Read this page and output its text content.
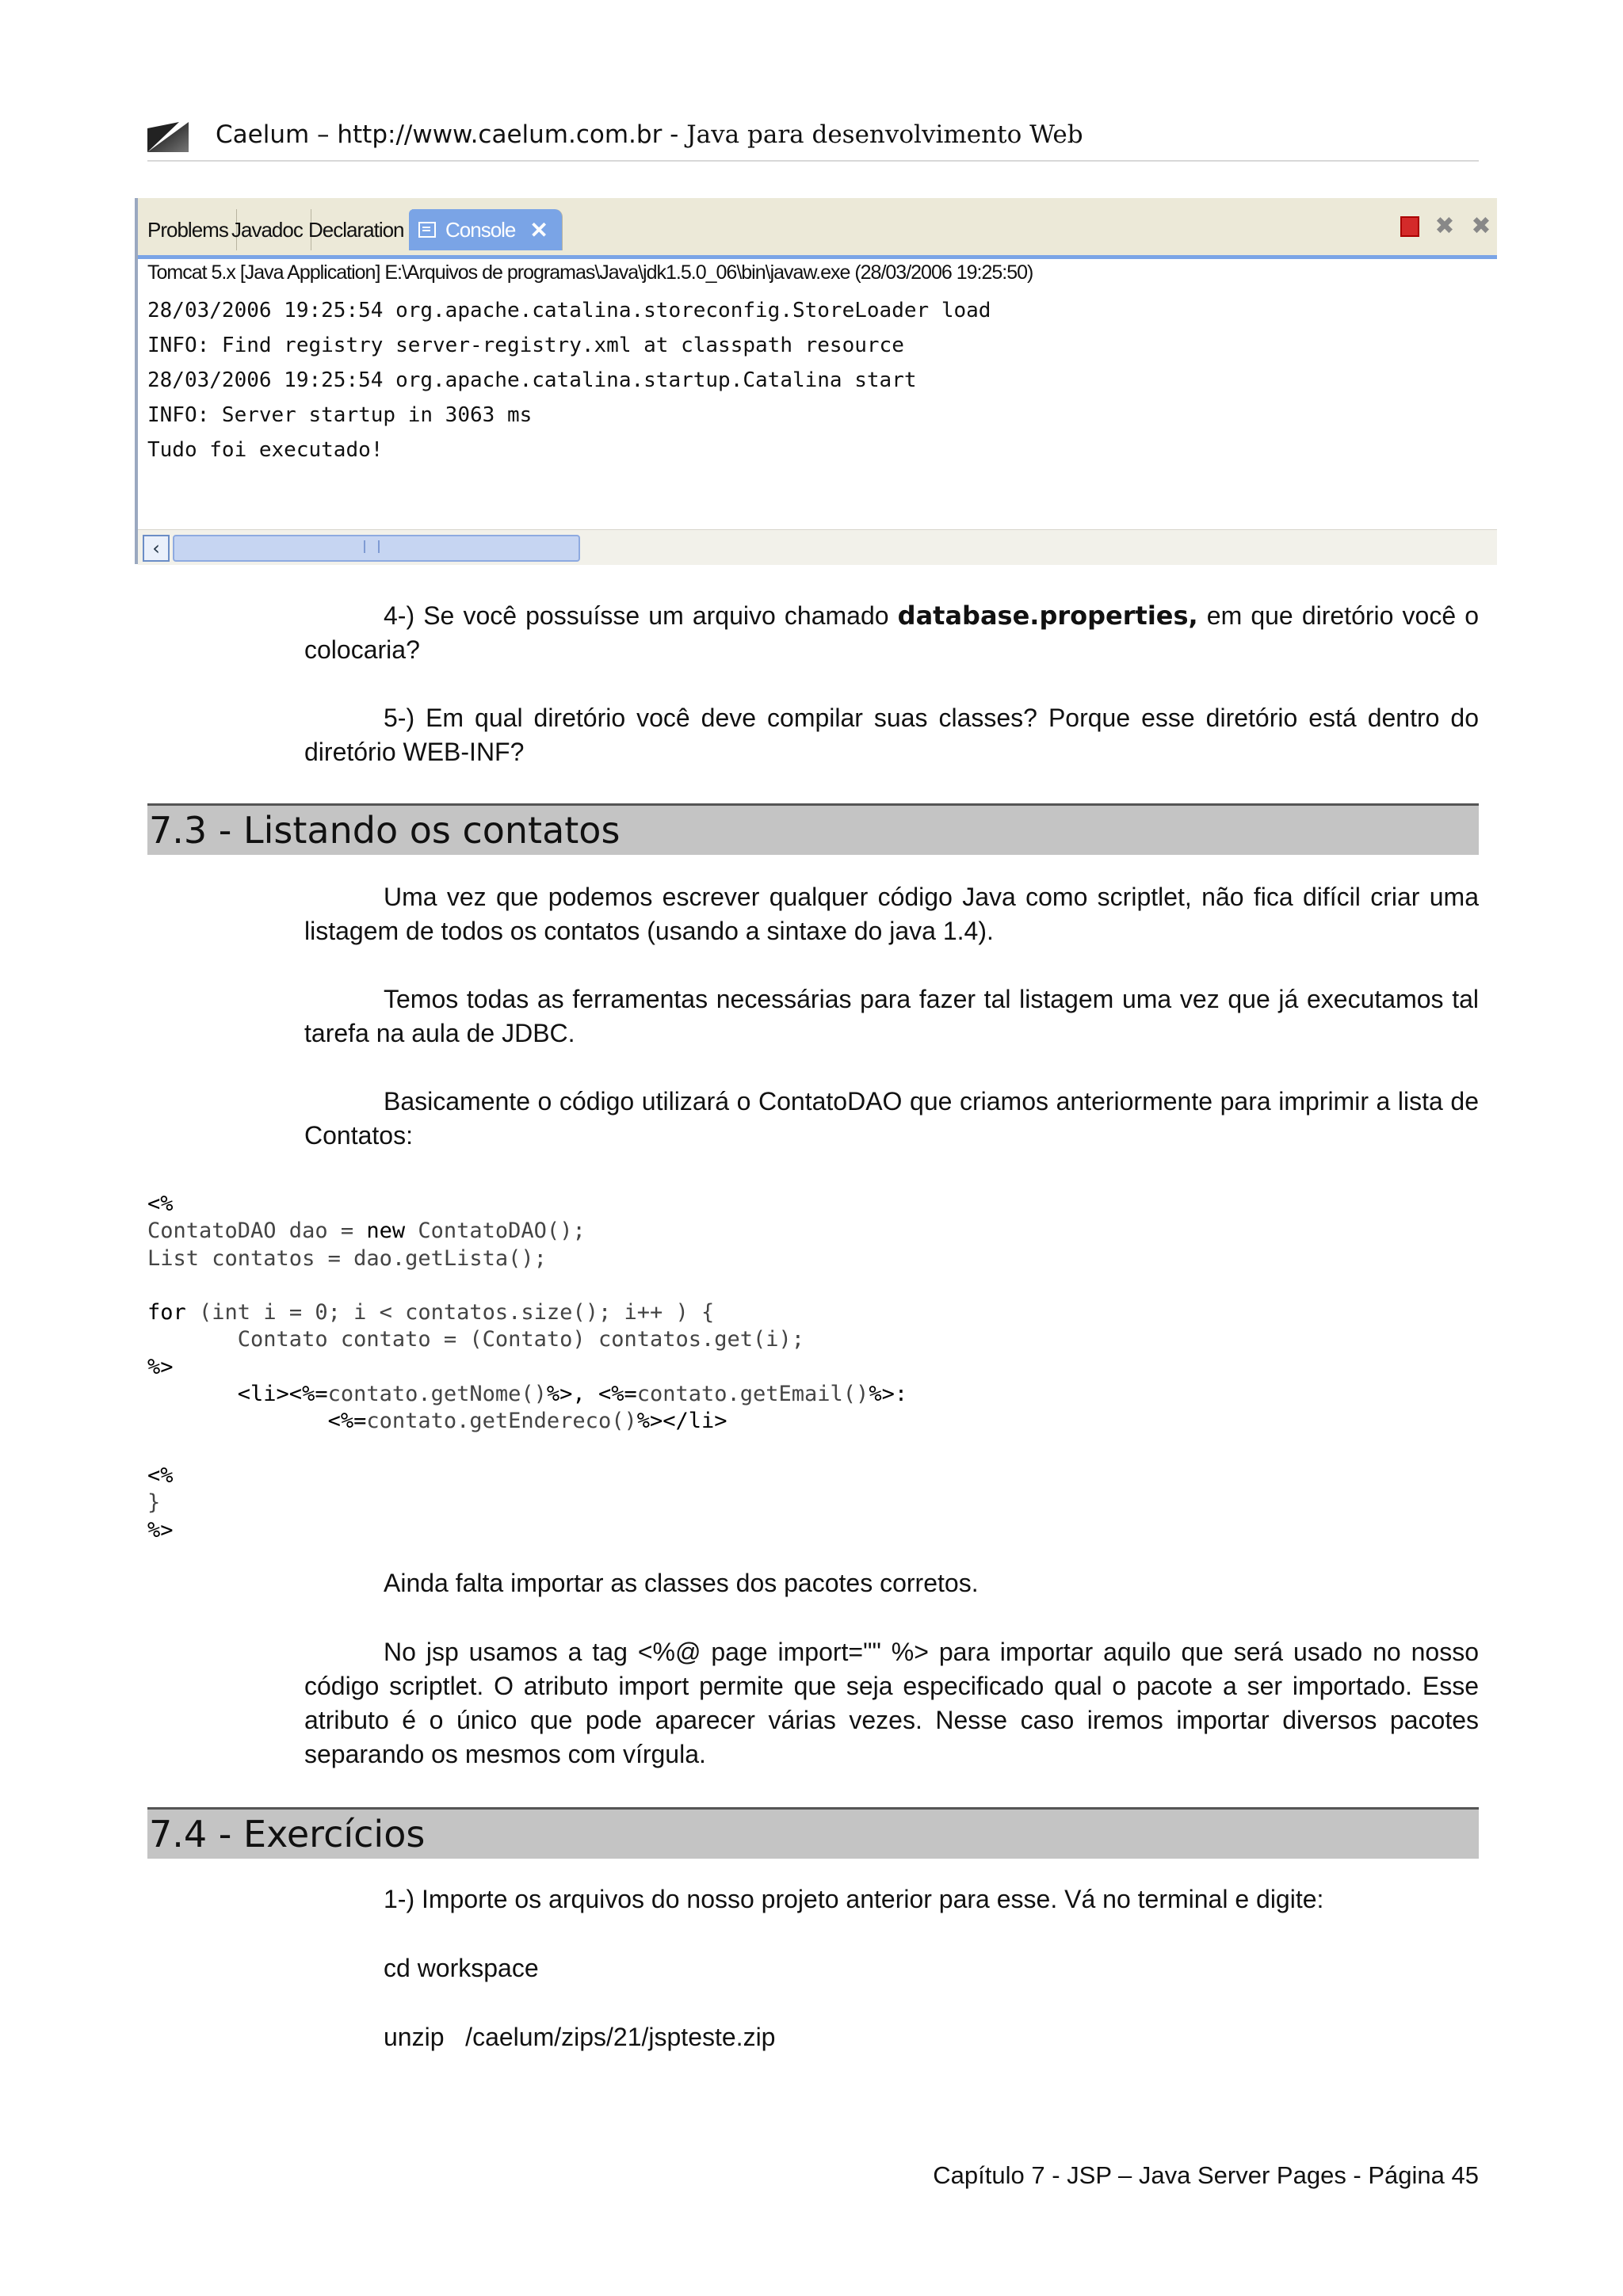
Caelum – http://www.caelum.com.br - Java para desenvolvimento Web
Problems Javadoc Declaration	Console ✕	✖ ✖
Tomcat 5.x [Java Application] E:\Arquivos de programas\Java\jdk1.5.0_06\bin\javaw.exe (28/03/2006 19:25:50)
28/03/2006 19:25:54 org.apache.catalina.storeconfig.StoreLoader load
INFO: Find registry server-registry.xml at classpath resource
28/03/2006 19:25:54 org.apache.catalina.startup.Catalina start
INFO: Server startup in 3063 ms
Tudo foi executado!
‹
4-) Se você possuísse um arquivo chamado database.properties, em que diretório você o colocaria?
5-) Em qual diretório você deve compilar suas classes? Porque esse diretório está dentro do diretório WEB-INF?
7.3 - Listando os contatos
Uma vez que podemos escrever qualquer código Java como scriptlet, não fica difícil criar uma listagem de todos os contatos (usando a sintaxe do java 1.4).
Temos todas as ferramentas necessárias para fazer tal listagem uma vez que já executamos tal tarefa na aula de JDBC.
Basicamente o código utilizará o ContatoDAO que criamos anteriormente para imprimir a lista de Contatos:
<%
ContatoDAO dao = new ContatoDAO();
List contatos = dao.getLista();

for (int i = 0; i < contatos.size(); i++ ) {
Contato contato = (Contato) contatos.get(i);
%>
<li><%=contato.getNome()%>, <%=contato.getEmail()%>:
<%=contato.getEndereco()%></li>

<%
}
%>
Ainda falta importar as classes dos pacotes corretos.
No jsp usamos a tag <%@ page import="" %> para importar aquilo que será usado no nosso código scriptlet. O atributo import permite que seja especificado qual o pacote a ser importado. Esse atributo é o único que pode aparecer várias vezes. Nesse caso iremos importar diversos pacotes separando os mesmos com vírgula.
7.4 - Exercícios
1-) Importe os arquivos do nosso projeto anterior para esse. Vá no terminal e digite:
cd workspace
unzip   /caelum/zips/21/jspteste.zip
Capítulo 7 - JSP – Java Server Pages - Página 45
